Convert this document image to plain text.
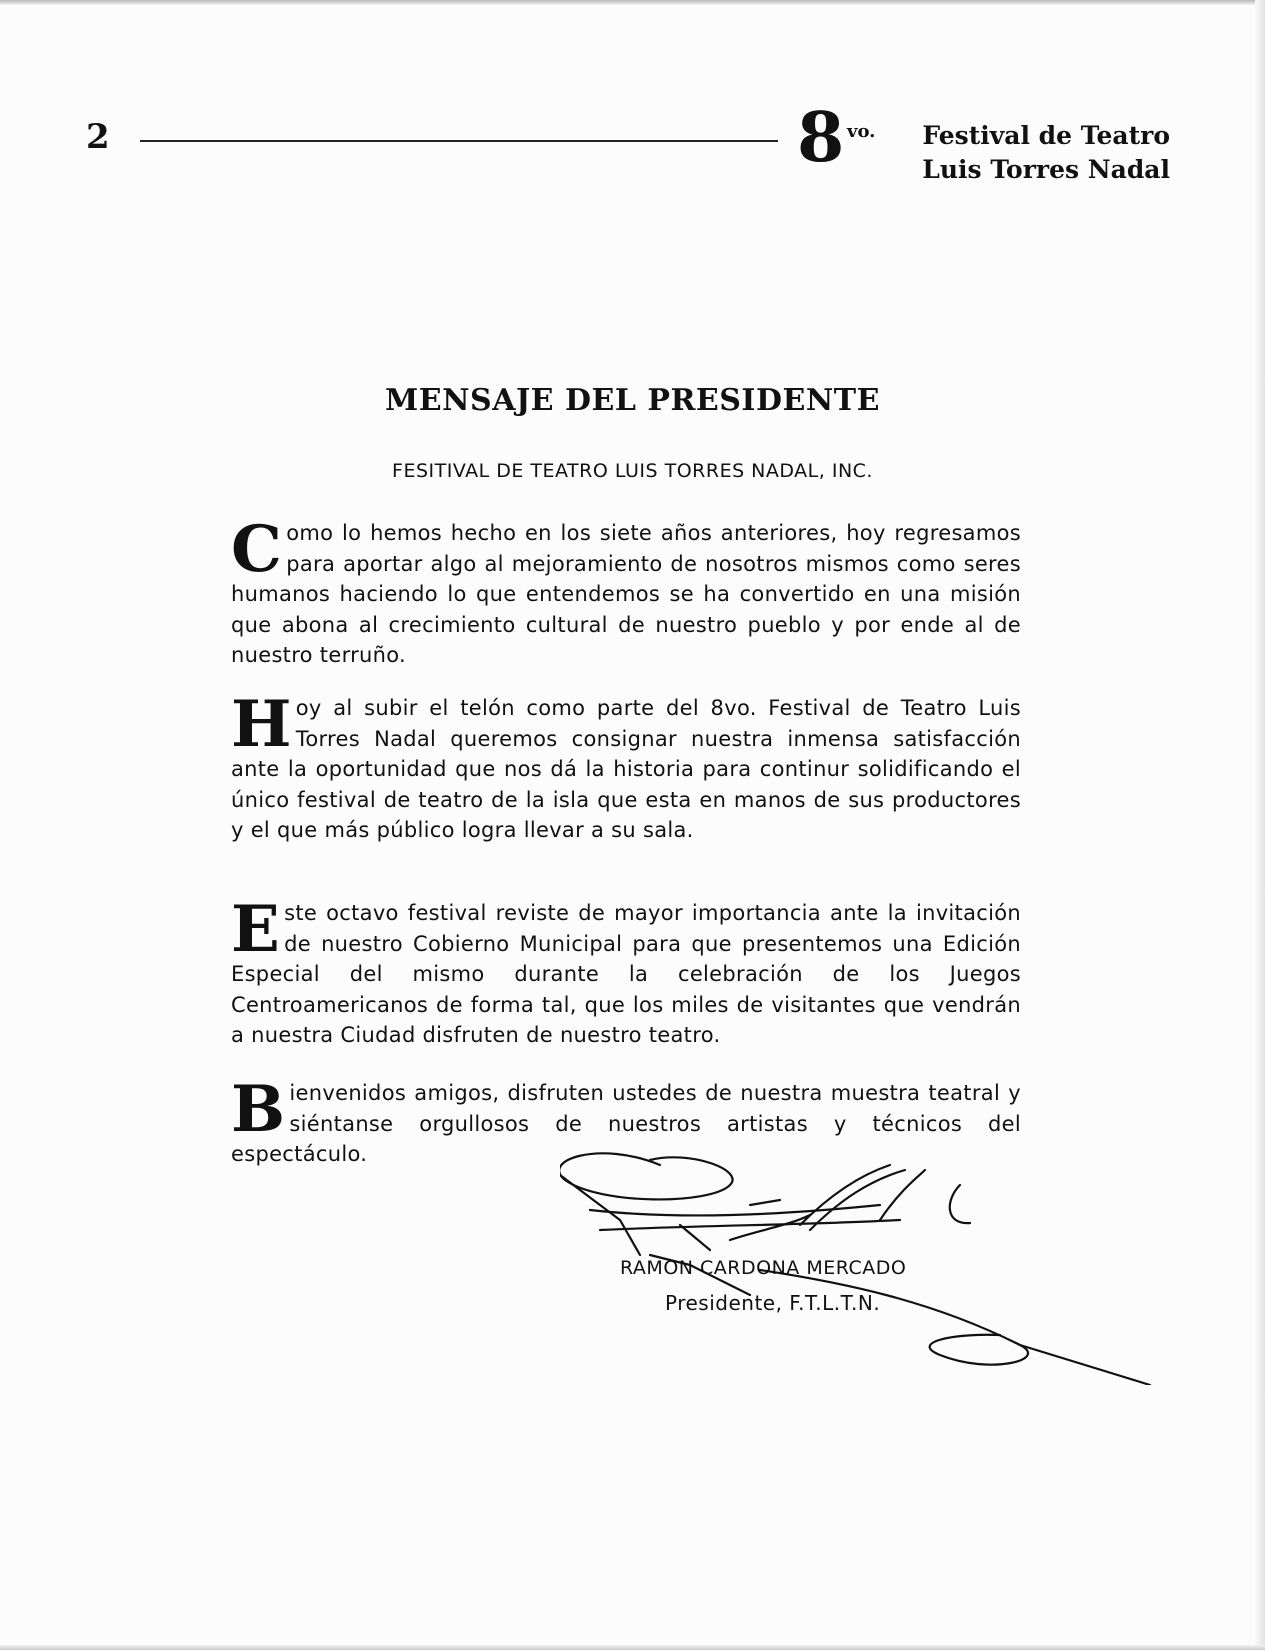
2	8 vo. Festival de Teatro
Luis Torres Nadal
MENSAJE DEL PRESIDENTE
FESITIVAL DE TEATRO LUIS TORRES NADAL, INC.
Como lo hemos hecho en los siete años anteriores, hoy regresamos para aportar algo al mejoramiento de nosotros mismos como seres humanos haciendo lo que entendemos se ha convertido en una misión que abona al crecimiento cultural de nuestro pueblo y por ende al de nuestro terruño.
Hoy al subir el telón como parte del 8vo. Festival de Teatro Luis Torres Nadal queremos consignar nuestra inmensa satisfacción ante la oportunidad que nos dá la historia para continur solidificando el único festival de teatro de la isla que esta en manos de sus productores y el que más público logra llevar a su sala.
Este octavo festival reviste de mayor importancia ante la invitación de nuestro Cobierno Municipal para que presentemos una Edición Especial del mismo durante la celebración de los Juegos Centroamericanos de forma tal, que los miles de visitantes que vendrán a nuestra Ciudad disfruten de nuestro teatro.
Bienvenidos amigos, disfruten ustedes de nuestra muestra teatral y siéntanse orgullosos de nuestros artistas y técnicos del espectáculo.
RAMON CARDONA MERCADO
Presidente, F.T.L.T.N.
